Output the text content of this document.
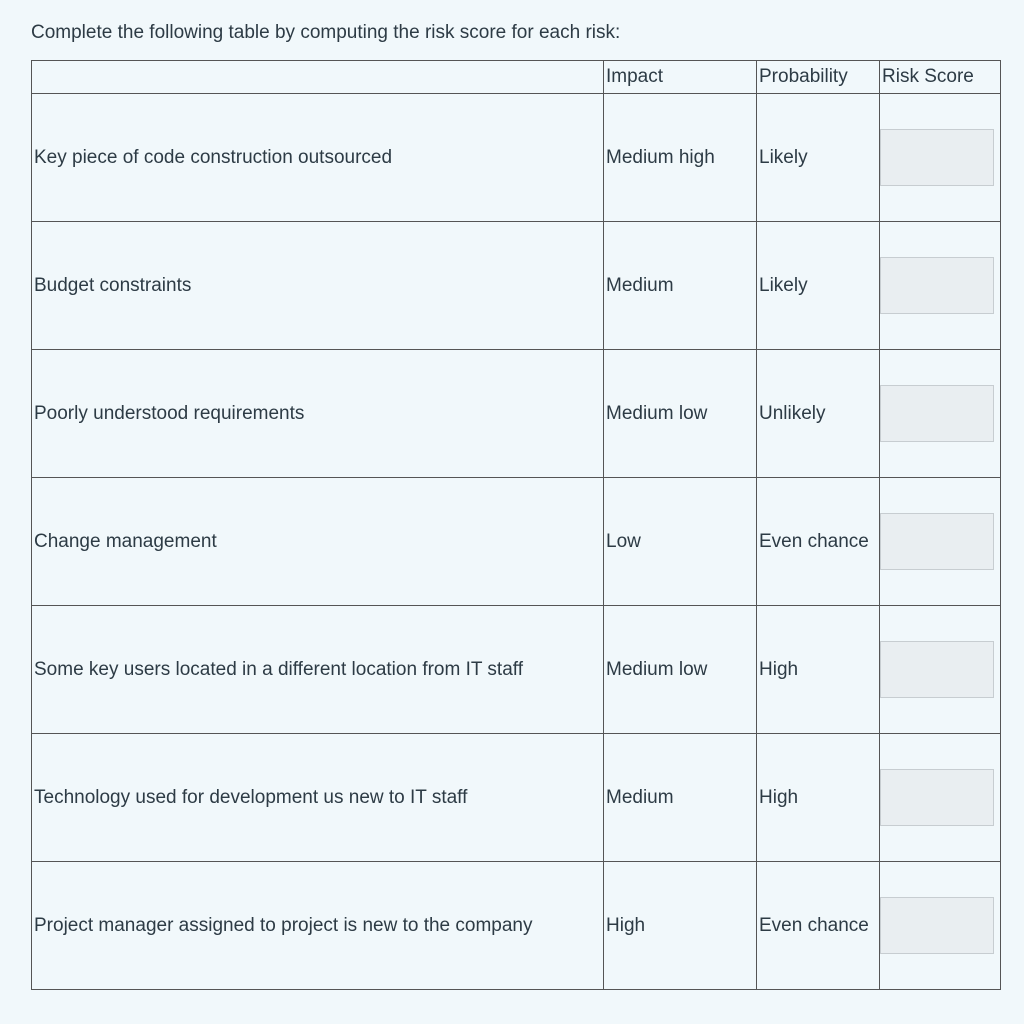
Complete the following table by computing the risk score for each risk:
	Impact	Probability	Risk Score
Key piece of code construction outsourced	Medium high	Likely	

Budget constraints	Medium	Likely	

Poorly understood requirements	Medium low	Unlikely	

Change management	Low	Even chance	

Some key users located in a different location from IT staff	Medium low	High	

Technology used for development us new to IT staff	Medium	High	

Project manager assigned to project is new to the company	High	Even chance	
